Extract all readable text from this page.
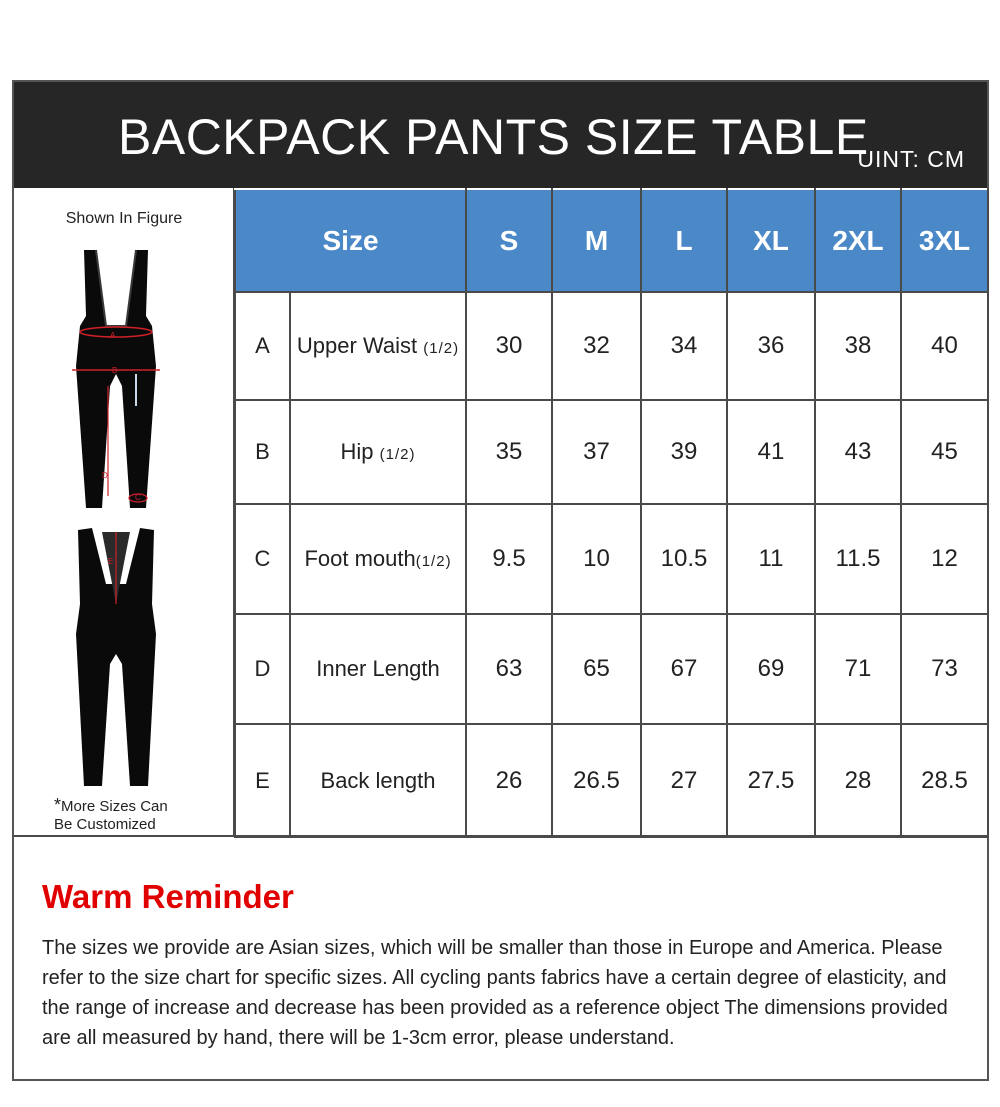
BACKPACK PANTS SIZE TABLE
UINT: CM
Shown In Figure
A
B
D
C
E
*More Sizes Can
Be Customized
Size		S	M	L	XL	2XL	3XL
A	Upper Waist (1/2)	30	32	34	36	38	40
B	Hip (1/2)	35	37	39	41	43	45
C	Foot mouth(1/2)	9.5	10	10.5	11	11.5	12
D	Inner Length	63	65	67	69	71	73
E	Back length	26	26.5	27	27.5	28	28.5
Warm Reminder
The sizes we provide are Asian sizes, which will be smaller than those in Europe and America. Please refer to the size chart for specific sizes. All cycling pants fabrics have a certain degree of elasticity, and the range of increase and decrease has been provided as a reference object The dimensions provided are all measured by hand, there will be 1-3cm error, please understand.
